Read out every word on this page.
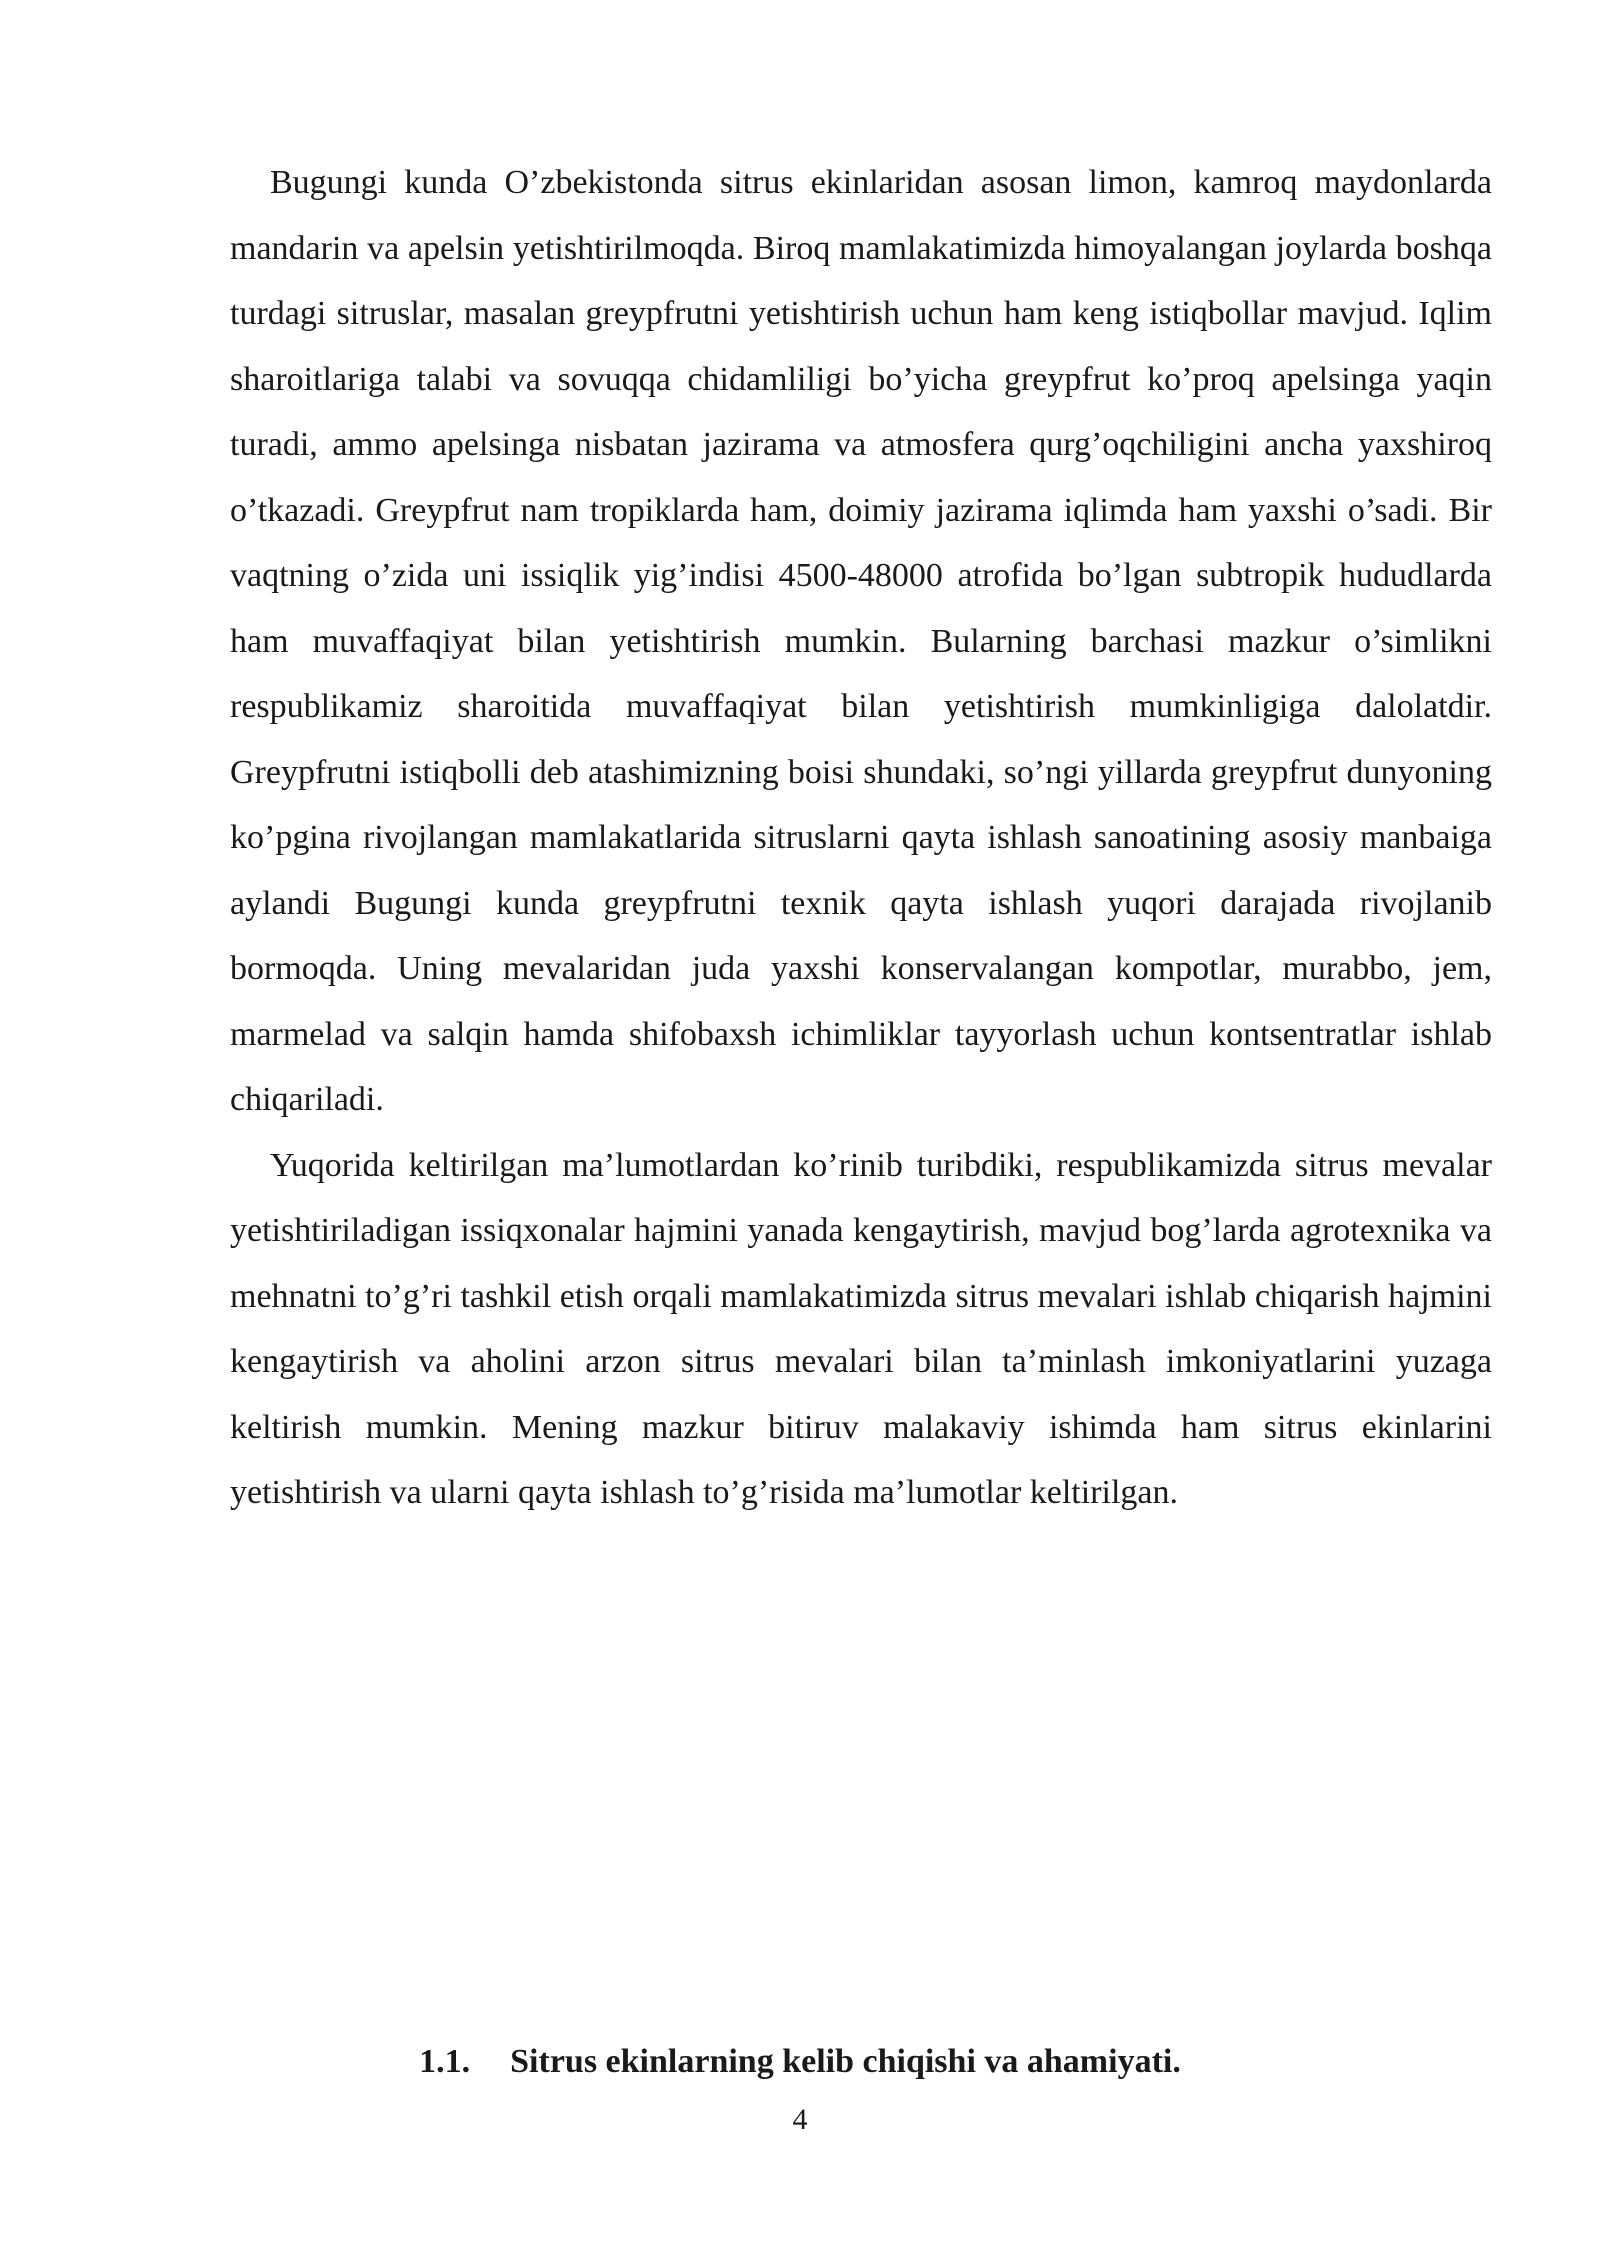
Bugungi kunda O’zbekistonda sitrus ekinlaridan asosan limon, kamroq maydonlarda mandarin va apelsin yetishtirilmoqda. Biroq mamlakatimizda himoyalangan joylarda boshqa turdagi sitruslar, masalan greypfrutni yetishtirish uchun ham keng istiqbollar mavjud. Iqlim sharoitlariga talabi va sovuqqa chidamliligi bo’yicha greypfrut ko’proq apelsinga yaqin turadi, ammo apelsinga nisbatan jazirama va atmosfera qurg’oqchiligini ancha yaxshiroq o’tkazadi. Greypfrut nam tropiklarda ham, doimiy jazirama iqlimda ham yaxshi o’sadi. Bir vaqtning o’zida uni issiqlik yig’indisi 4500-48000 atrofida bo’lgan subtropik hududlarda ham muvaffaqiyat bilan yetishtirish mumkin. Bularning barchasi mazkur o’simlikni respublikamiz sharoitida muvaffaqiyat bilan yetishtirish mumkinligiga dalolatdir. Greypfrutni istiqbolli deb atashimizning boisi shundaki, so’ngi yillarda greypfrut dunyoning ko’pgina rivojlangan mamlakatlarida sitruslarni qayta ishlash sanoatining asosiy manbaiga aylandi Bugungi kunda greypfrutni texnik qayta ishlash yuqori darajada rivojlanib bormoqda. Uning mevalaridan juda yaxshi konservalangan kompotlar, murabbo, jem, marmelad va salqin hamda shifobaxsh ichimliklar tayyorlash uchun kontsentratlar ishlab chiqariladi.

Yuqorida keltirilgan ma’lumotlardan ko’rinib turibdiki, respublikamizda sitrus mevalar yetishtiriladigan issiqxonalar hajmini yanada kengaytirish, mavjud bog’larda agrotexnika va mehnatni to’g’ri tashkil etish orqali mamlakatimizda sitrus mevalari ishlab chiqarish hajmini kengaytirish va aholini arzon sitrus mevalari bilan ta’minlash imkoniyatlarini yuzaga keltirish mumkin. Mening mazkur bitiruv malakaviy ishimda ham sitrus ekinlarini yetishtirish va ularni qayta ishlash to’g’risida ma’lumotlar keltirilgan.

1.1. Sitrus ekinlarning kelib chiqishi va ahamiyati.
4
